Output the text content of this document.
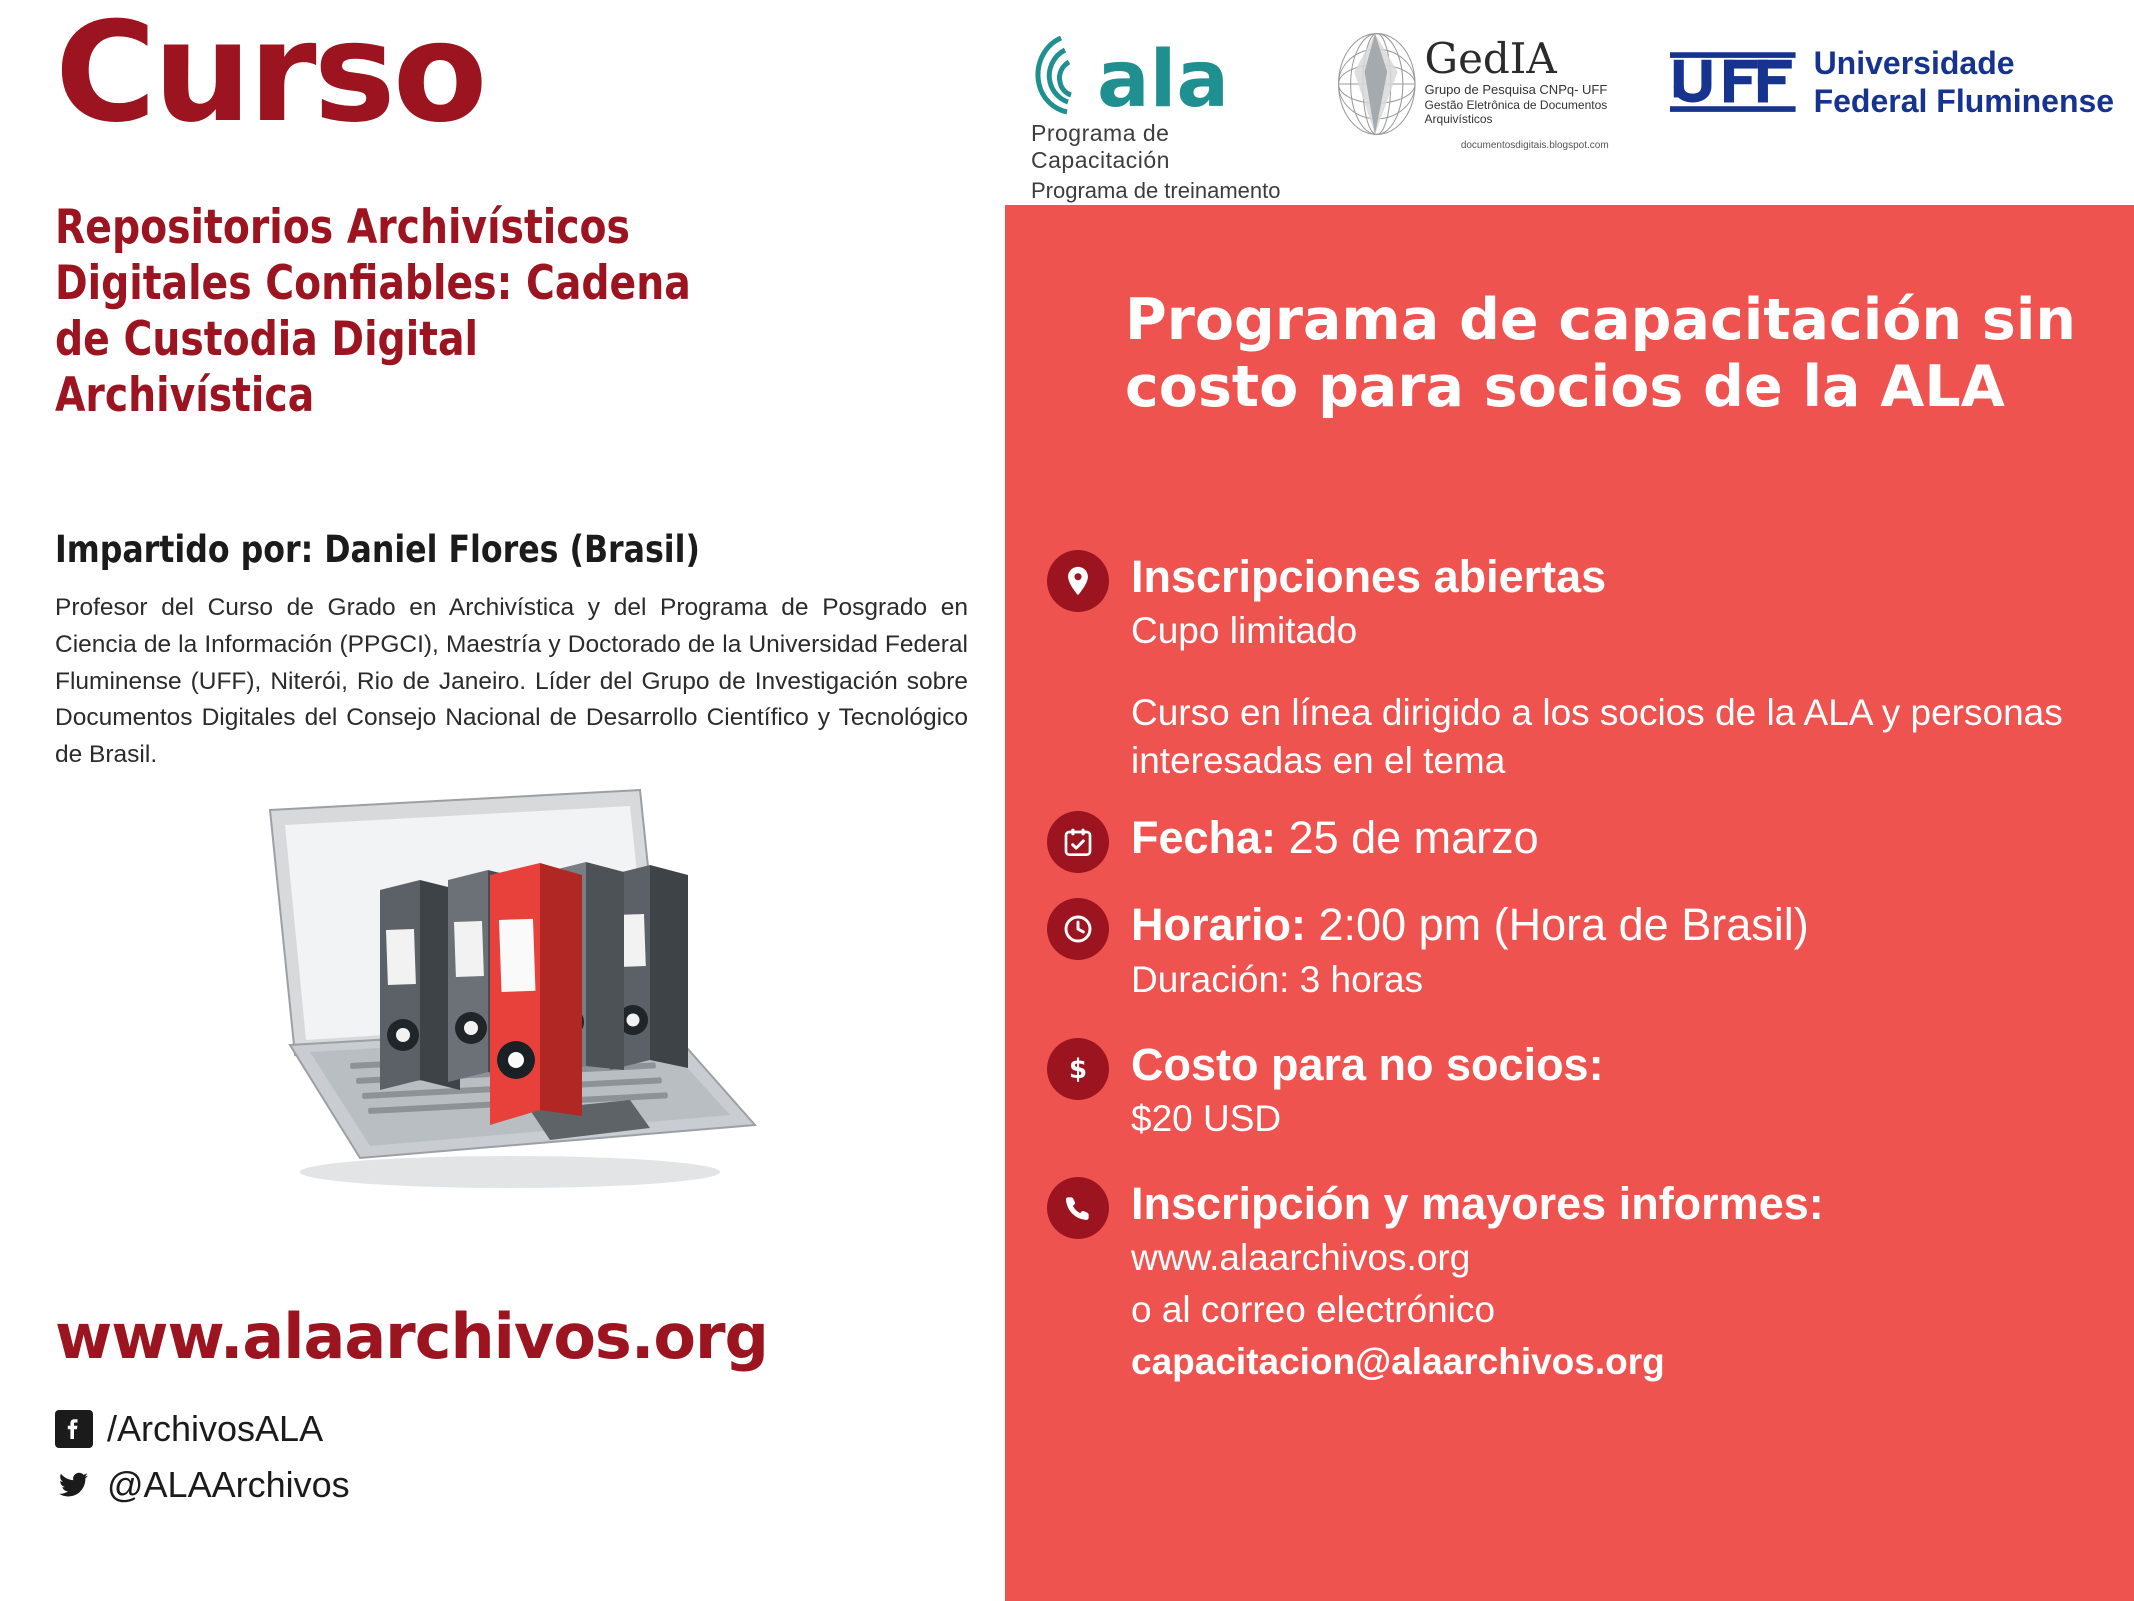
Curso
Repositorios Archivísticos Digitales Confiables: Cadena de Custodia Digital Archivística
Impartido por: Daniel Flores (Brasil)
Profesor del Curso de Grado en Archivística y del Programa de Posgrado en Ciencia de la Información (PPGCI), Maestría y Doctorado de la Universidad Federal Fluminense (UFF), Niterói, Rio de Janeiro. Líder del Grupo de Investigación sobre Documentos Digitales del Consejo Nacional de Desarrollo Científico y Tecnológico de Brasil.
www.alaarchivos.org
/ArchivosALA
@ALAArchivos
ala
Programa de Capacitación
Programa de treinamento
GedIA
Grupo de Pesquisa CNPq- UFF
Gestão Eletrônica de Documentos Arquivísticos
documentosdigitais.blogspot.com
Universidade Federal Fluminense
Programa de capacitación sin costo para socios de la ALA
Inscripciones abiertas
Cupo limitado
Curso en línea dirigido a los socios de la ALA y personas interesadas en el tema
Fecha: 25 de marzo
Horario: 2:00 pm (Hora de Brasil)
Duración: 3 horas
$ Costo para no socios:
$20 USD
Inscripción y mayores informes:
www.alaarchivos.org
o al correo electrónico
capacitacion@alaarchivos.org
